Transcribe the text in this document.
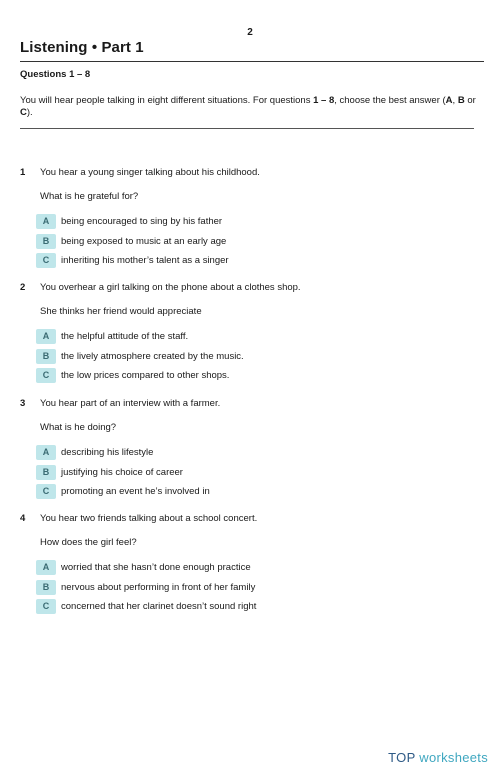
2
Listening • Part 1
Questions 1 – 8
You will hear people talking in eight different situations. For questions 1 – 8, choose the best answer (A, B or C).
1 You hear a young singer talking about his childhood.
What is he grateful for?
A	being encouraged to sing by his father
B	being exposed to music at an early age
C	inheriting his mother’s talent as a singer
2 You overhear a girl talking on the phone about a clothes shop.
She thinks her friend would appreciate
A	the helpful attitude of the staff.
B	the lively atmosphere created by the music.
C	the low prices compared to other shops.
3 You hear part of an interview with a farmer.
What is he doing?
A	describing his lifestyle
B	justifying his choice of career
C	promoting an event he’s involved in
4 You hear two friends talking about a school concert.
How does the girl feel?
A	worried that she hasn’t done enough practice
B	nervous about performing in front of her family
C	concerned that her clarinet doesn’t sound right
TOP worksheets
